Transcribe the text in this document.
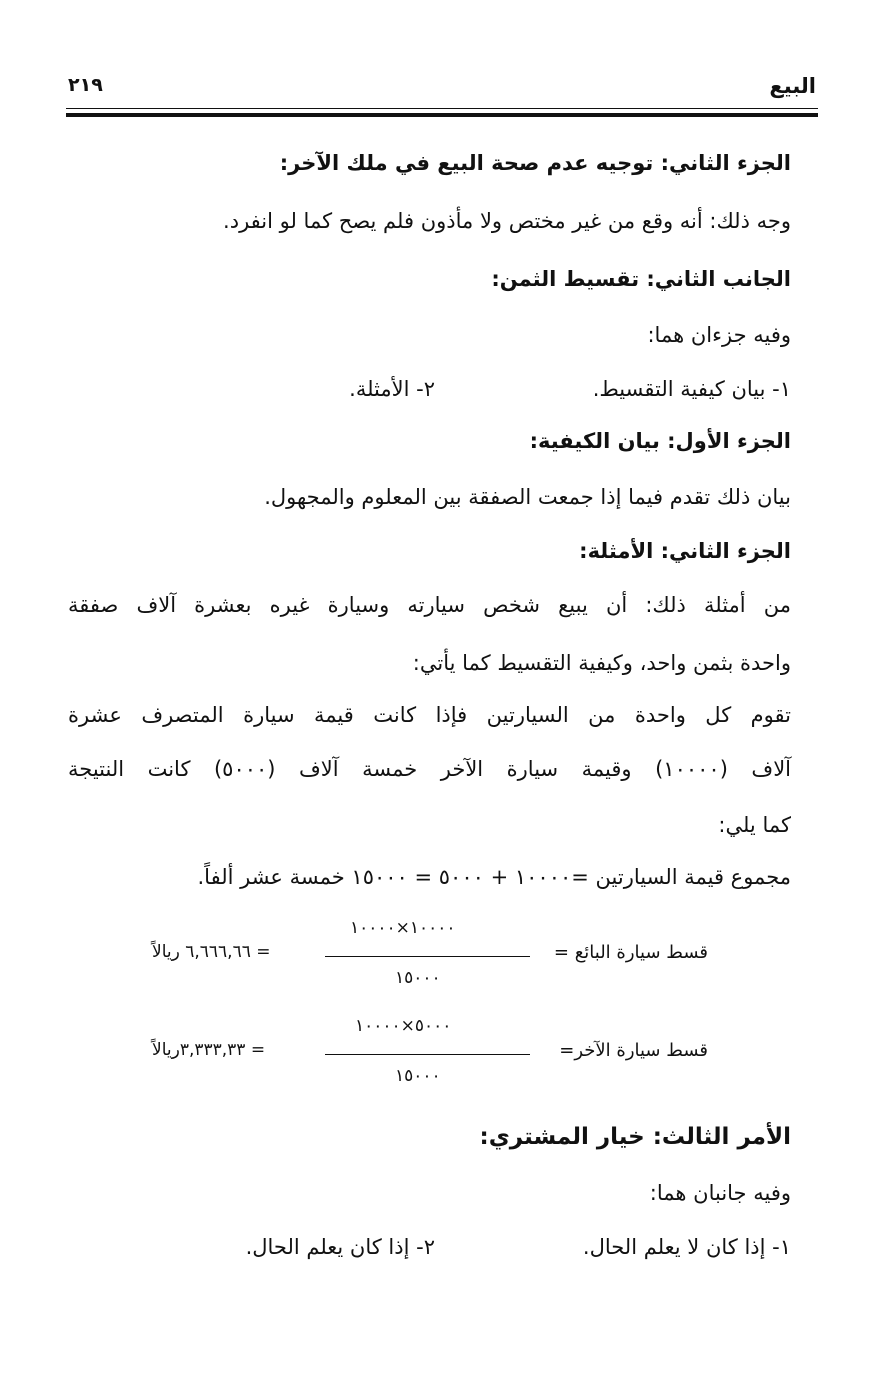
البيع
٢١٩
الجزء الثاني: توجيه عدم صحة البيع في ملك الآخر:
وجه ذلك: أنه وقع من غير مختص ولا مأذون فلم يصح كما لو انفرد.
الجانب الثاني: تقسيط الثمن:
وفيه جزءان هما:
١- بيان كيفية التقسيط.
٢- الأمثلة.
الجزء الأول: بيان الكيفية:
بيان ذلك تقدم فيما إذا جمعت الصفقة بين المعلوم والمجهول.
الجزء الثاني: الأمثلة:
من أمثلة ذلك: أن يبيع شخص سيارته وسيارة غيره بعشرة آلاف صفقة
واحدة بثمن واحد، وكيفية التقسيط كما يأتي:
تقوم كل واحدة من السيارتين فإذا كانت قيمة سيارة المتصرف عشرة
آلاف (١٠٠٠٠) وقيمة سيارة الآخر خمسة آلاف (٥٠٠٠) كانت النتيجة
كما يلي:
مجموع قيمة السيارتين =١٠٠٠٠ + ٥٠٠٠ = ١٥٠٠٠ خمسة عشر ألفاً.
قسط سيارة البائع =
١٠٠٠٠×١٠٠٠٠
١٥٠٠٠
= ٦,٦٦٦,٦٦ ريالاً
قسط سيارة الآخر=
٥٠٠٠×١٠٠٠٠
١٥٠٠٠
= ٣,٣٣٣,٣٣ريالاً
الأمر الثالث: خيار المشتري:
وفيه جانبان هما:
١- إذا كان لا يعلم الحال.
٢- إذا كان يعلم الحال.
